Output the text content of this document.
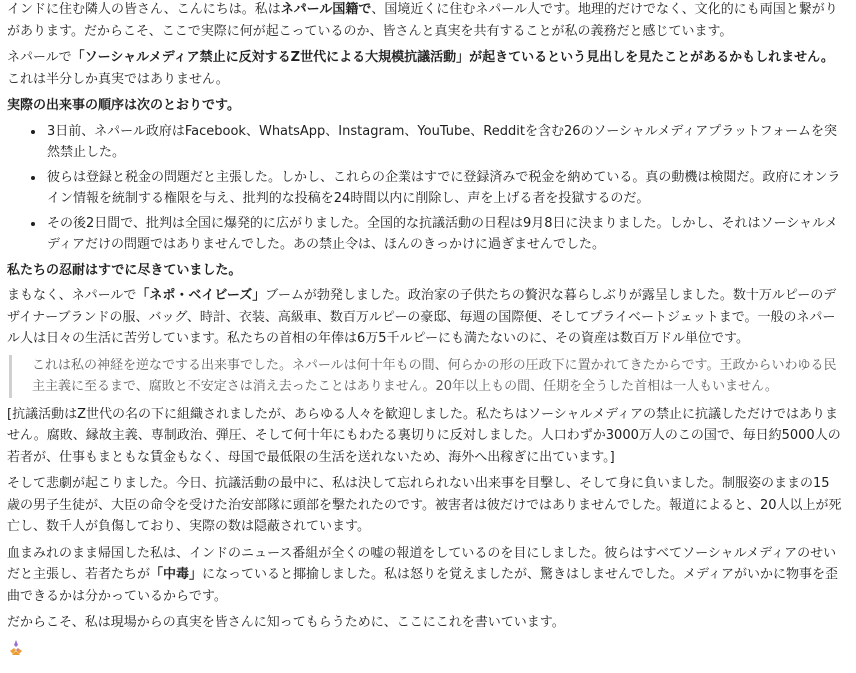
インドに住む隣人の皆さん、こんにちは。私はネパール国籍で、国境近くに住むネパール人です。地理的だけでなく、文化的にも両国と繋がりがあります。だからこそ、ここで実際に何が起こっているのか、皆さんと真実を共有することが私の義務だと感じています。

ネパールで「ソーシャルメディア禁止に反対するZ世代による大規模抗議活動」が起きているという見出しを見たことがあるかもしれません。 これは半分しか真実ではありません。

実際の出来事の順序は次のとおりです。
• 3日前、ネパール政府はFacebook、WhatsApp、Instagram、YouTube、Redditを含む26のソーシャルメディアプラットフォームを突然禁止した。
• 彼らは登録と税金の問題だと主張した。しかし、これらの企業はすでに登録済みで税金を納めている。真の動機は検閲だ。政府にオンライン情報を統制する権限を与え、批判的な投稿を24時間以内に削除し、声を上げる者を投獄するのだ。
• その後2日間で、批判は全国に爆発的に広がりました。全国的な抗議活動の日程は9月8日に決まりました。しかし、それはソーシャルメディアだけの問題ではありませんでした。あの禁止令は、ほんのきっかけに過ぎませんでした。
私たちの忍耐はすでに尽きていました。

まもなく、ネパールで「ネポ・ベイビーズ」ブームが勃発しました。政治家の子供たちの贅沢な暮らしぶりが露呈しました。数十万ルピーのデザイナーブランドの服、バッグ、時計、衣装、高級車、数百万ルピーの豪邸、毎週の国際便、そしてプライベートジェットまで。一般のネパール人は日々の生活に苦労しています。私たちの首相の年俸は6万5千ルピーにも満たないのに、その資産は数百万ドル単位です。

これは私の神経を逆なでする出来事でした。ネパールは何十年もの間、何らかの形の圧政下に置かれてきたからです。王政からいわゆる民主主義に至るまで、腐敗と不安定さは消え去ったことはありません。20年以上もの間、任期を全うした首相は一人もいません。

[抗議活動はZ世代の名の下に組織されましたが、あらゆる人々を歓迎しました。私たちはソーシャルメディアの禁止に抗議しただけではありません。腐敗、縁故主義、専制政治、弾圧、そして何十年にもわたる裏切りに反対しました。人口わずか3000万人のこの国で、毎日約5000人の若者が、仕事もまともな賃金もなく、母国で最低限の生活を送れないため、海外へ出稼ぎに出ています。]

そして悲劇が起こりました。今日、抗議活動の最中に、私は決して忘れられない出来事を目撃し、そして身に負いました。制服姿のままの15歳の男子生徒が、大臣の命令を受けた治安部隊に頭部を撃たれたのです。被害者は彼だけではありませんでした。報道によると、20人以上が死亡し、数千人が負傷しており、実際の数は隠蔽されています。

血まみれのまま帰国した私は、インドのニュース番組が全くの嘘の報道をしているのを目にしました。彼らはすべてソーシャルメディアのせいだと主張し、若者たちが「中毒」になっていると揶揄しました。私は怒りを覚えましたが、驚きはしませんでした。メディアがいかに物事を歪曲できるかは分かっているからです。

だからこそ、私は現場からの真実を皆さんに知ってもらうために、ここにこれを書いています。
